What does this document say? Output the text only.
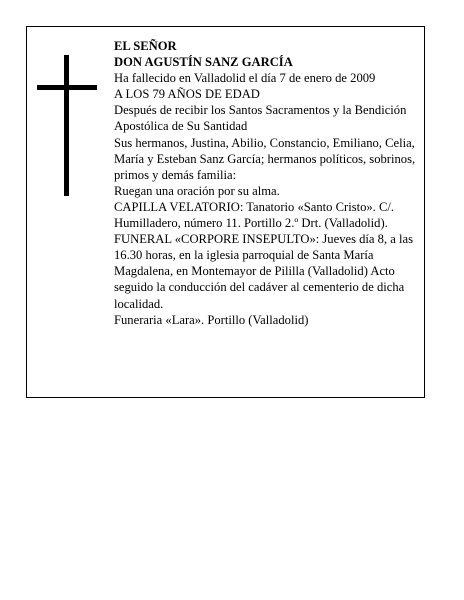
EL SEÑOR
DON AGUSTÍN SANZ GARCÍA
Ha fallecido en Valladolid el día 7 de enero de 2009
A LOS 79 AÑOS DE EDAD
Después de recibir los Santos Sacramentos y la Bendición Apostólica de Su Santidad
Sus hermanos, Justina, Abilio, Constancio, Emiliano, Celia, María y Esteban Sanz García; hermanos políticos, sobrinos, primos y demás familia:
Ruegan una oración por su alma.
CAPILLA VELATORIO: Tanatorio «Santo Cristo». C/. Humilladero, número 11. Portillo 2.º Drt. (Valladolid).
FUNERAL «CORPORE INSEPULTO»: Jueves día 8, a las 16.30 horas, en la iglesia parroquial de Santa María Magdalena, en Montemayor de Pililla (Valladolid) Acto seguido la conducción del cadáver al cementerio de dicha localidad.
Funeraria «Lara». Portillo (Valladolid)
